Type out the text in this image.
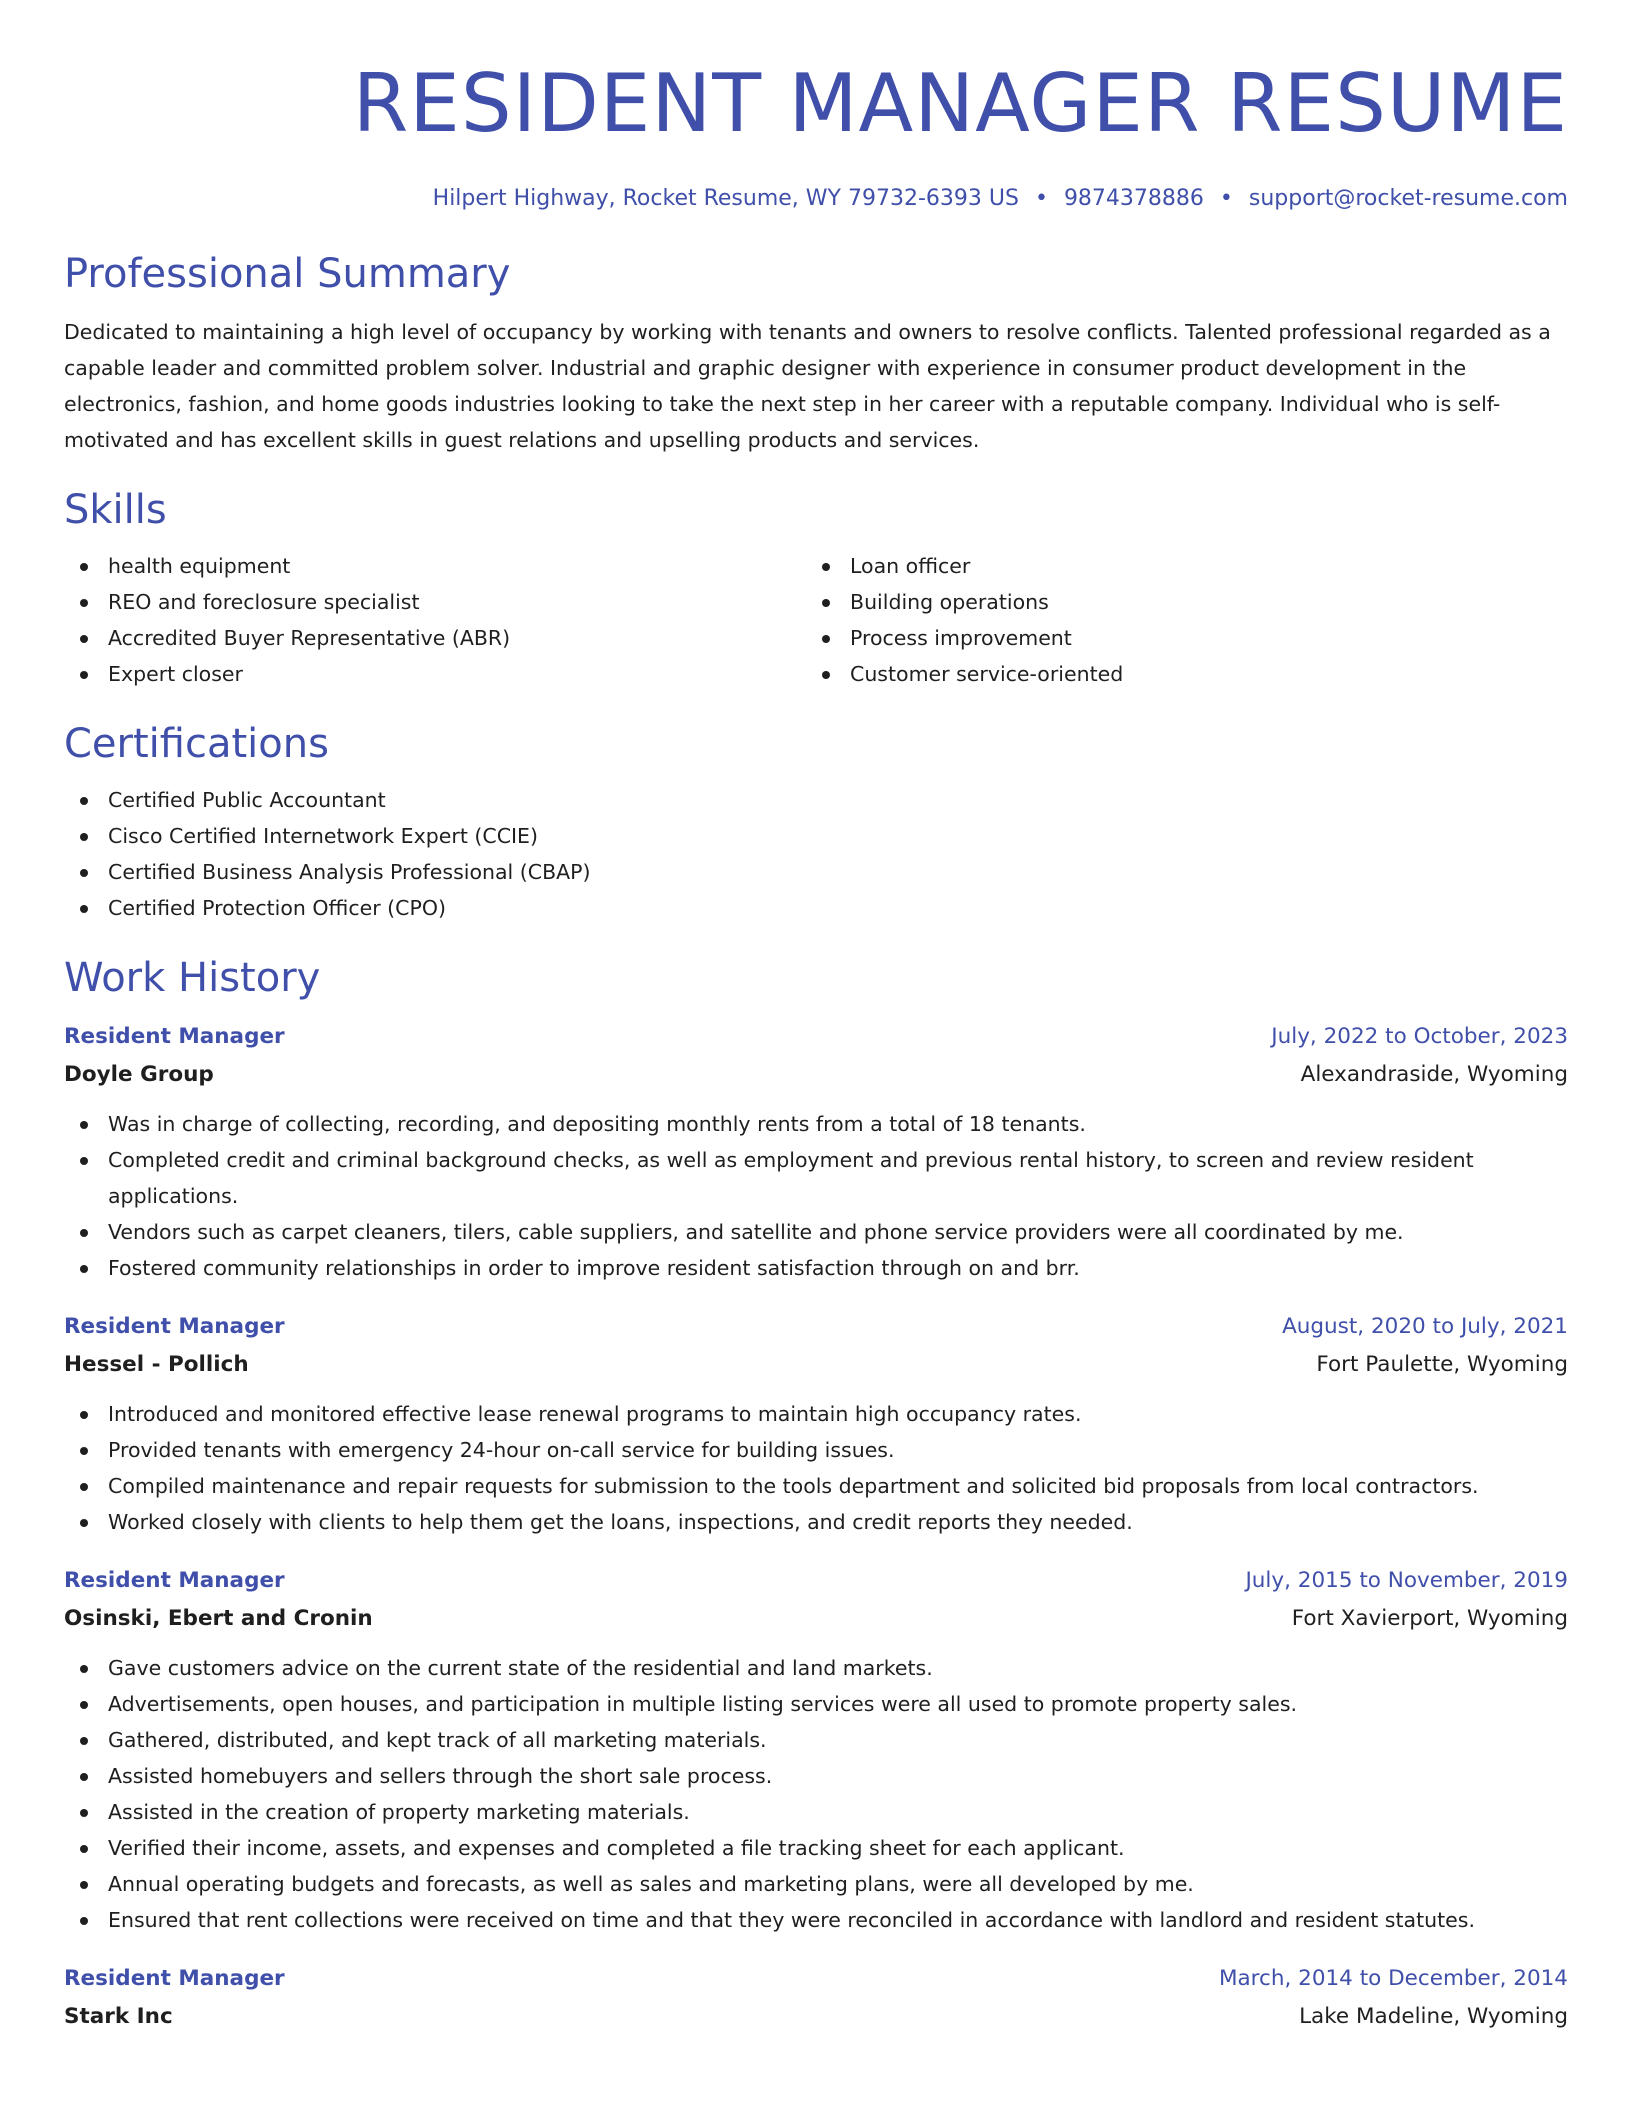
RESIDENT MANAGER RESUME
Hilpert Highway, Rocket Resume, WY 79732-6393 US • 9874378886 • support@rocket-resume.com
Professional Summary

Dedicated to maintaining a high level of occupancy by working with tenants and owners to resolve conflicts. Talented professional regarded as a capable leader and committed problem solver. Industrial and graphic designer with experience in consumer product development in the electronics, fashion, and home goods industries looking to take the next step in her career with a reputable company. Individual who is self-motivated and has excellent skills in guest relations and upselling products and services.

Skills
health equipment
REO and foreclosure specialist
Accredited Buyer Representative (ABR)
Expert closer
Loan officer
Building operations
Process improvement
Customer service-oriented
Certifications
Certified Public Accountant
Cisco Certified Internetwork Expert (CCIE)
Certified Business Analysis Professional (CBAP)
Certified Protection Officer (CPO)
Work History
Resident Manager	July, 2022 to October, 2023
Doyle Group	Alexandraside, Wyoming
Was in charge of collecting, recording, and depositing monthly rents from a total of 18 tenants.
Completed credit and criminal background checks, as well as employment and previous rental history, to screen and review resident applications.
Vendors such as carpet cleaners, tilers, cable suppliers, and satellite and phone service providers were all coordinated by me.
Fostered community relationships in order to improve resident satisfaction through on and brr.
Resident Manager	August, 2020 to July, 2021
Hessel - Pollich	Fort Paulette, Wyoming
Introduced and monitored effective lease renewal programs to maintain high occupancy rates.
Provided tenants with emergency 24-hour on-call service for building issues.
Compiled maintenance and repair requests for submission to the tools department and solicited bid proposals from local contractors.
Worked closely with clients to help them get the loans, inspections, and credit reports they needed.
Resident Manager	July, 2015 to November, 2019
Osinski, Ebert and Cronin	Fort Xavierport, Wyoming
Gave customers advice on the current state of the residential and land markets.
Advertisements, open houses, and participation in multiple listing services were all used to promote property sales.
Gathered, distributed, and kept track of all marketing materials.
Assisted homebuyers and sellers through the short sale process.
Assisted in the creation of property marketing materials.
Verified their income, assets, and expenses and completed a file tracking sheet for each applicant.
Annual operating budgets and forecasts, as well as sales and marketing plans, were all developed by me.
Ensured that rent collections were received on time and that they were reconciled in accordance with landlord and resident statutes.
Resident Manager	March, 2014 to December, 2014
Stark Inc	Lake Madeline, Wyoming
